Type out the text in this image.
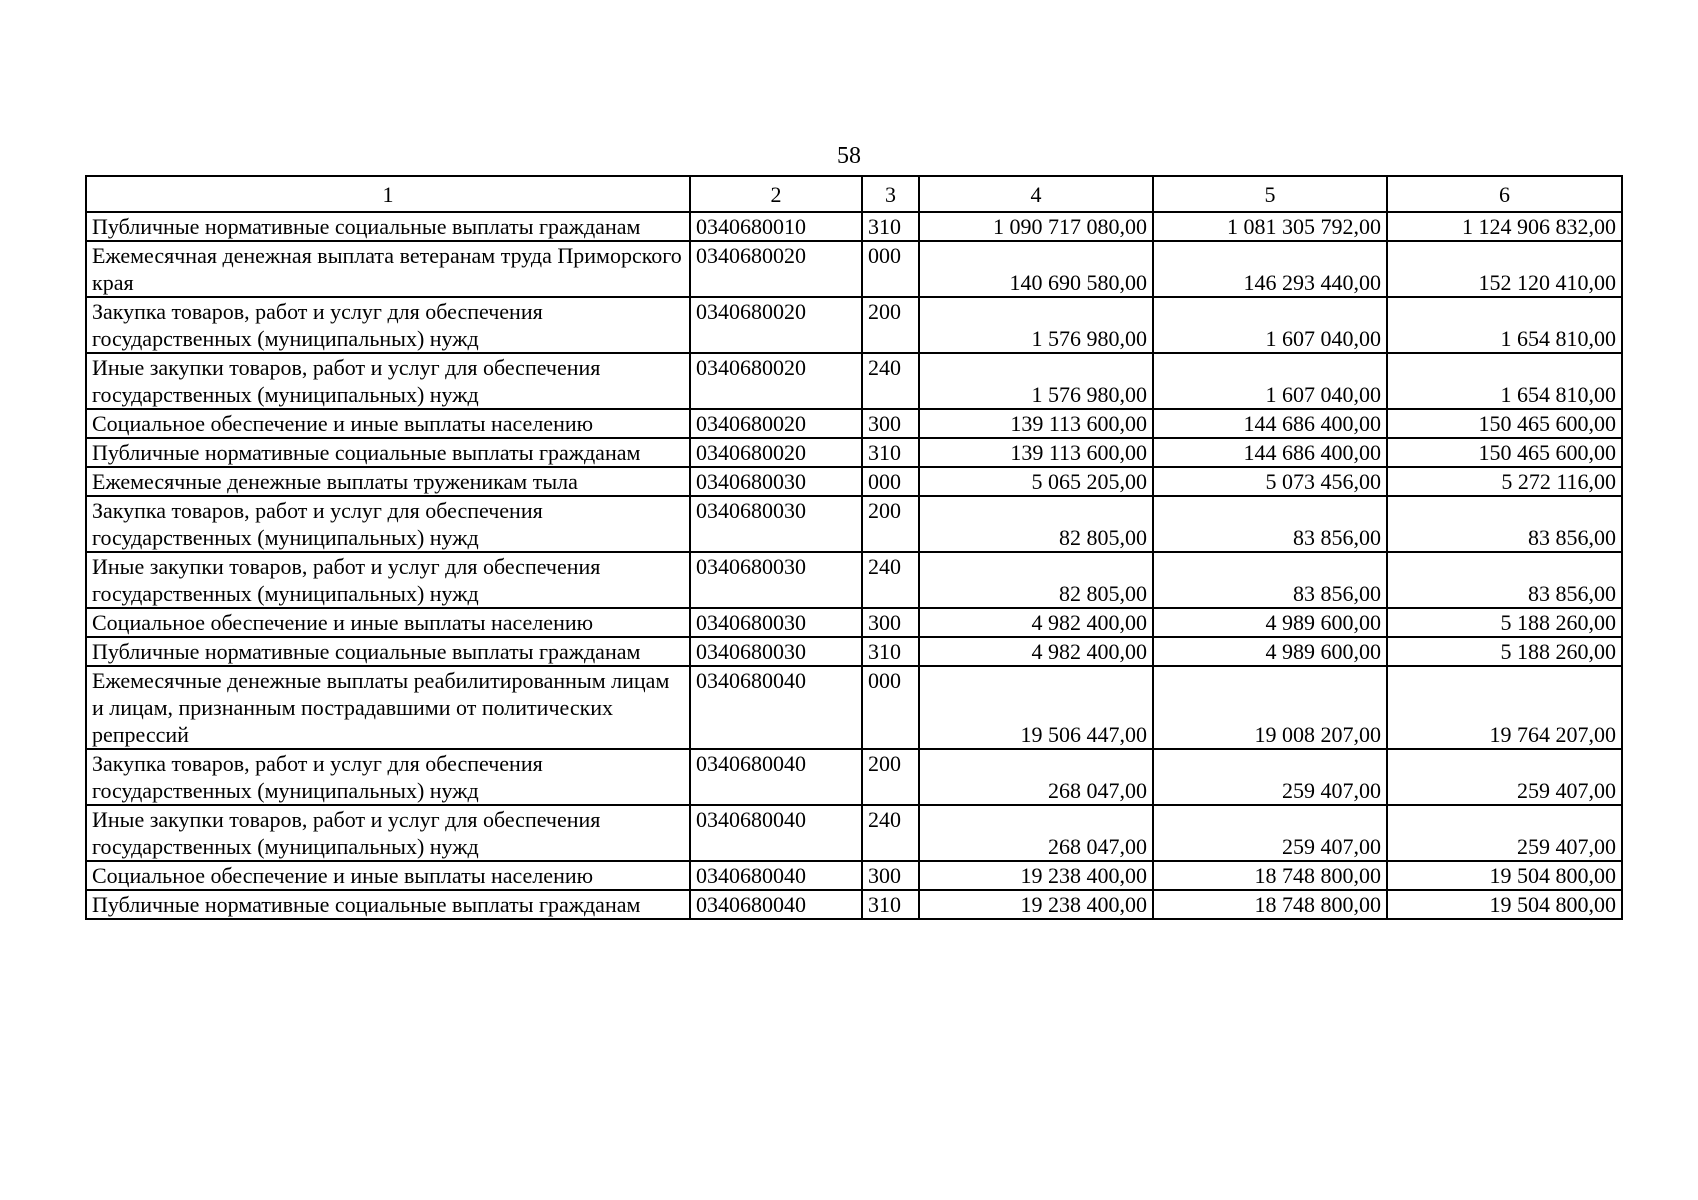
58
1	2	3	4	5	6
Публичные нормативные социальные выплаты гражданам	0340680010	310	1 090 717 080,00	1 081 305 792,00	1 124 906 832,00
Ежемесячная денежная выплата ветеранам труда Приморского края	0340680020	000	140 690 580,00	146 293 440,00	152 120 410,00
Закупка товаров, работ и услуг для обеспечения государственных (муниципальных) нужд	0340680020	200	1 576 980,00	1 607 040,00	1 654 810,00
Иные закупки товаров, работ и услуг для обеспечения государственных (муниципальных) нужд	0340680020	240	1 576 980,00	1 607 040,00	1 654 810,00
Социальное обеспечение и иные выплаты населению	0340680020	300	139 113 600,00	144 686 400,00	150 465 600,00
Публичные нормативные социальные выплаты гражданам	0340680020	310	139 113 600,00	144 686 400,00	150 465 600,00
Ежемесячные денежные выплаты труженикам тыла	0340680030	000	5 065 205,00	5 073 456,00	5 272 116,00
Закупка товаров, работ и услуг для обеспечения государственных (муниципальных) нужд	0340680030	200	82 805,00	83 856,00	83 856,00
Иные закупки товаров, работ и услуг для обеспечения государственных (муниципальных) нужд	0340680030	240	82 805,00	83 856,00	83 856,00
Социальное обеспечение и иные выплаты населению	0340680030	300	4 982 400,00	4 989 600,00	5 188 260,00
Публичные нормативные социальные выплаты гражданам	0340680030	310	4 982 400,00	4 989 600,00	5 188 260,00
Ежемесячные денежные выплаты реабилитированным лицам и лицам, признанным пострадавшими от политических репрессий	0340680040	000	19 506 447,00	19 008 207,00	19 764 207,00
Закупка товаров, работ и услуг для обеспечения государственных (муниципальных) нужд	0340680040	200	268 047,00	259 407,00	259 407,00
Иные закупки товаров, работ и услуг для обеспечения государственных (муниципальных) нужд	0340680040	240	268 047,00	259 407,00	259 407,00
Социальное обеспечение и иные выплаты населению	0340680040	300	19 238 400,00	18 748 800,00	19 504 800,00
Публичные нормативные социальные выплаты гражданам	0340680040	310	19 238 400,00	18 748 800,00	19 504 800,00
